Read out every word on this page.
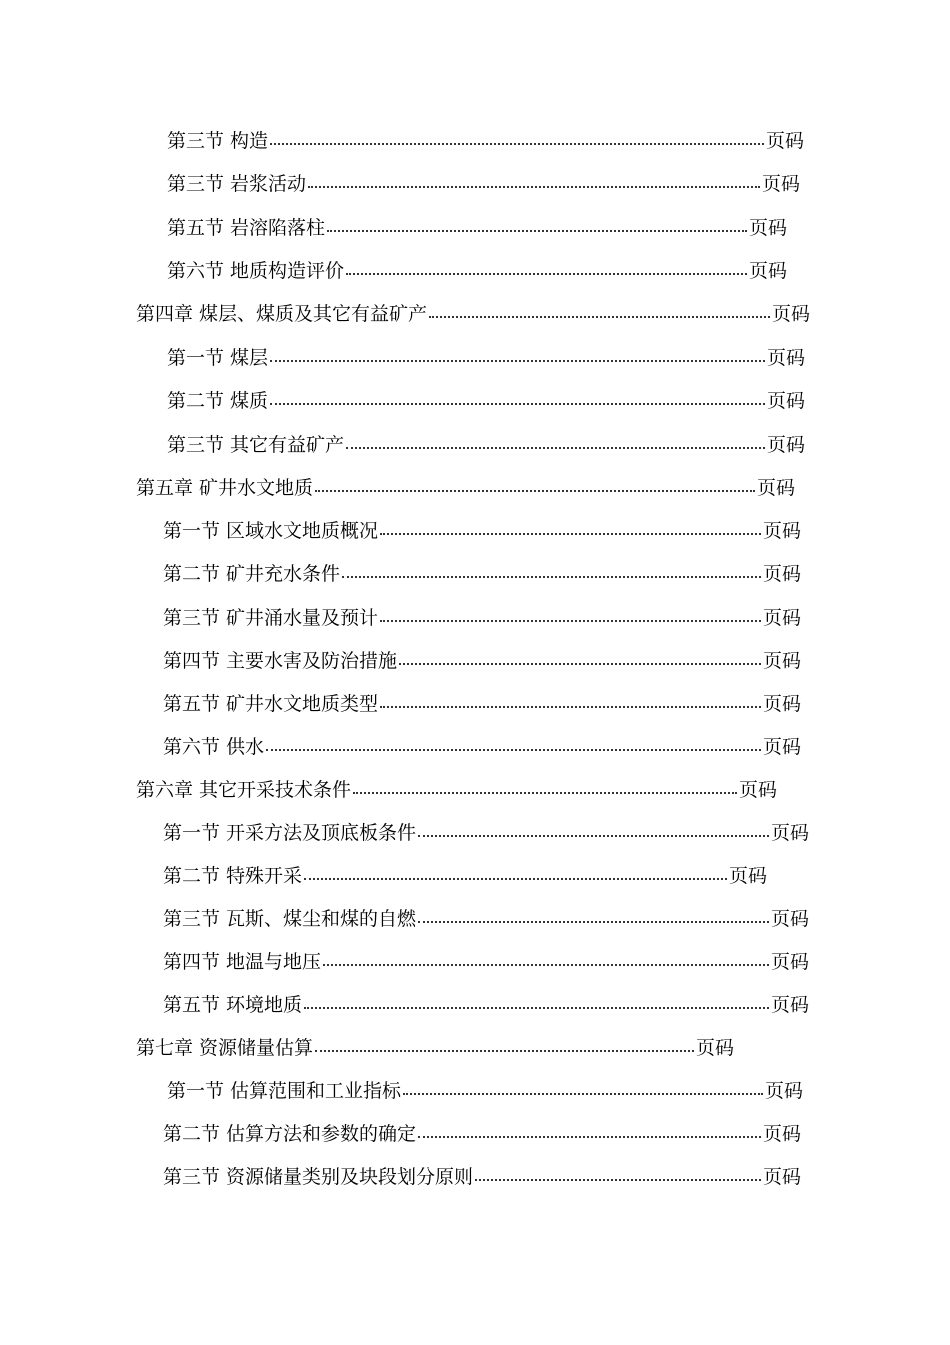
第三节 构造	页码
第三节 岩浆活动	页码
第五节 岩溶陷落柱	页码
第六节 地质构造评价	页码
第四章 煤层、煤质及其它有益矿产	页码
第一节 煤层	页码
第二节 煤质	页码
第三节 其它有益矿产	页码
第五章 矿井水文地质	页码
第一节 区域水文地质概况	页码
第二节 矿井充水条件	页码
第三节 矿井涌水量及预计	页码
第四节 主要水害及防治措施	页码
第五节 矿井水文地质类型	页码
第六节 供水	页码
第六章 其它开采技术条件	页码
第一节 开采方法及顶底板条件	页码
第二节 特殊开采	页码
第三节 瓦斯、煤尘和煤的自燃	页码
第四节 地温与地压	页码
第五节 环境地质	页码
第七章 资源储量估算	页码
第一节 估算范围和工业指标	页码
第二节 估算方法和参数的确定	页码
第三节 资源储量类别及块段划分原则	页码
